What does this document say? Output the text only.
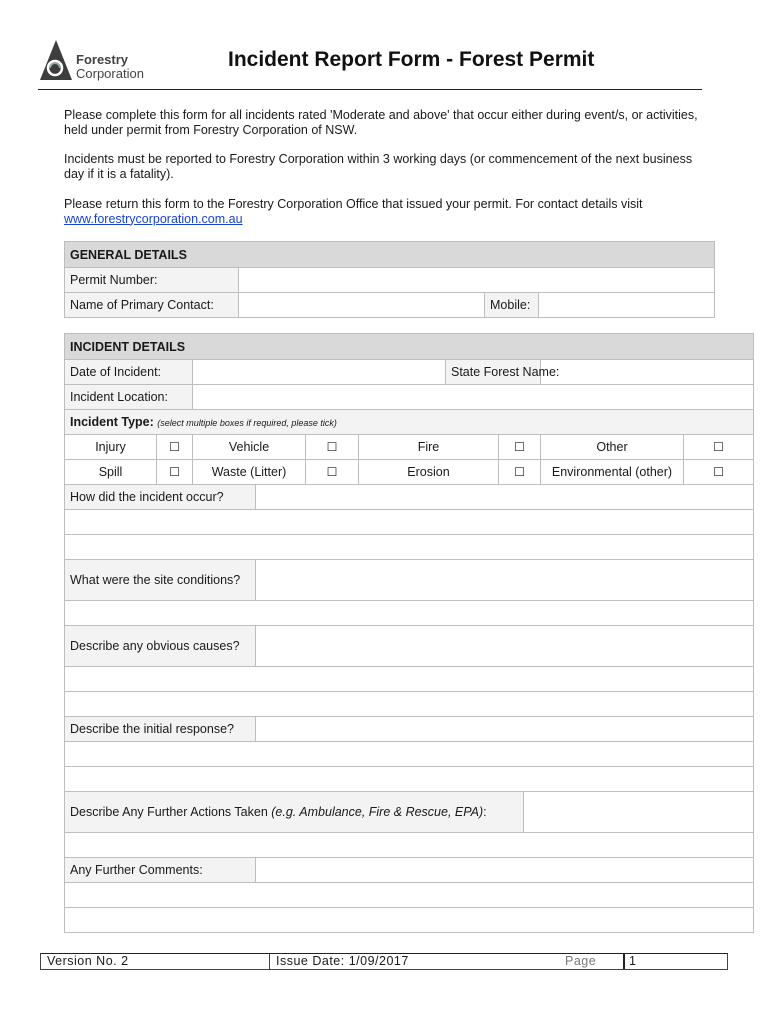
Forestry
Corporation
Incident Report Form - Forest Permit
Please complete this form for all incidents rated 'Moderate and above' that occur either during event/s, or activities, held under permit from Forestry Corporation of NSW.
Incidents must be reported to Forestry Corporation within 3 working days (or commencement of the next business day if it is a fatality).
Please return this form to the Forestry Corporation Office that issued your permit. For contact details visit
www.forestrycorporation.com.au
GENERAL DETAILS			
Permit Number:			
Name of Primary Contact:		Mobile:	
INCIDENT DETAILS										
Date of Incident:						State Forest Name:				
Incident Location:										
Incident Type: (select multiple boxes if required, please tick)										
Injury	☐	Vehicle		☐	Fire		☐		Other	☐
Spill	☐	Waste (Litter)		☐	Erosion		☐		Environmental (other)	☐
How did the incident occur?										

What were the site conditions?										

Describe any obvious causes?										

Describe the initial response?										

Describe Any Further Actions Taken (e.g. Ambulance, Fire & Rescue, EPA):										

Any Further Comments:										

Version No. 2	Issue Date: 1/09/2017	Page	1
